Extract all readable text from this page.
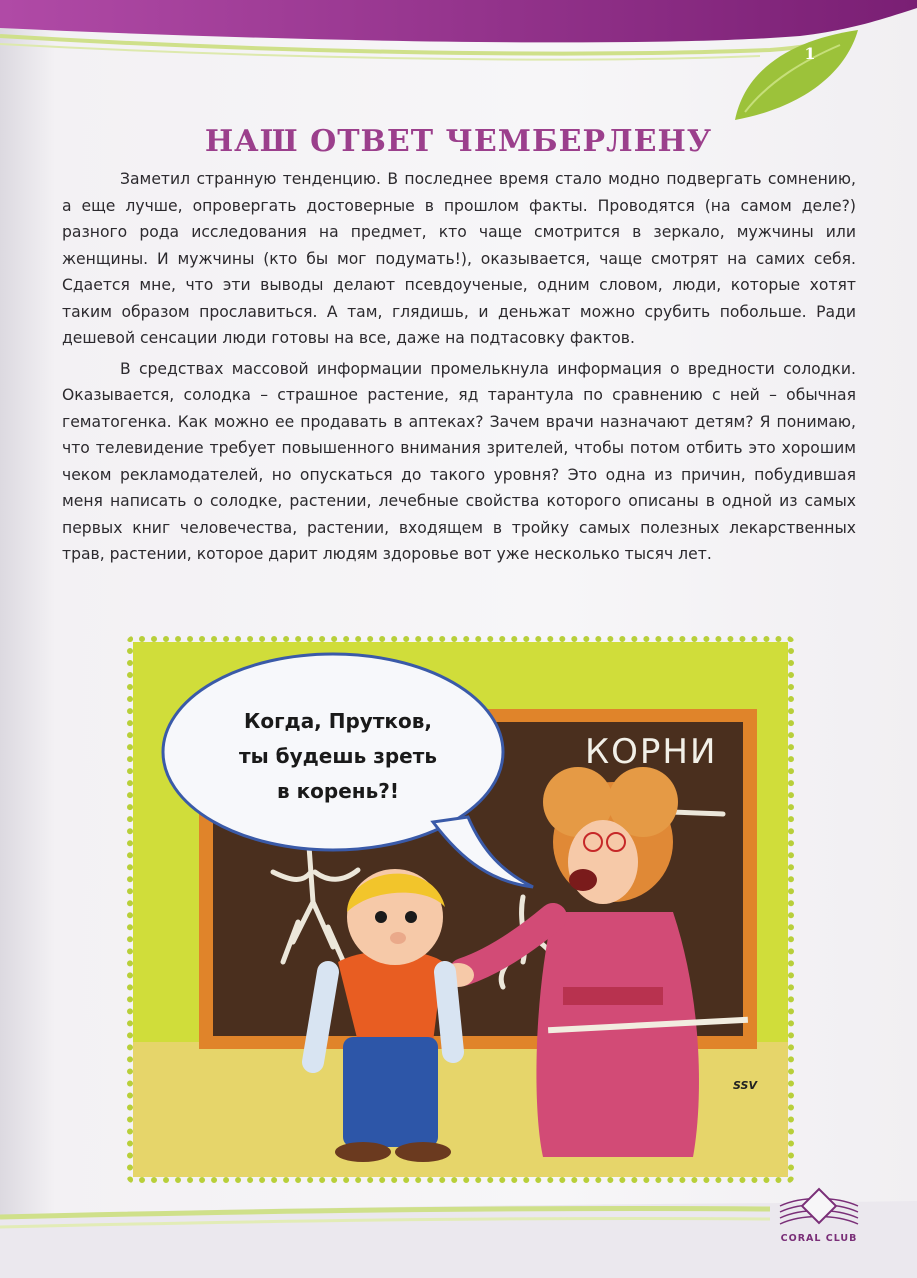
1
НАШ ОТВЕТ ЧЕМБЕРЛЕНУ

Заметил странную тенденцию. В последнее время стало модно подвергать сомнению, а еще лучше, опровергать достоверные в прошлом факты. Проводятся (на самом деле?) разного рода исследования на предмет, кто чаще смотрится в зеркало, мужчины или женщины. И мужчины (кто бы мог подумать!), оказывается, чаще смотрят на самих себя. Сдается мне, что эти выводы делают псевдоученые, одним словом, люди, которые хотят таким образом прославиться. А там, глядишь, и деньжат можно срубить побольше. Ради дешевой сенсации люди готовы на все, даже на подтасовку фактов.

В средствах массовой информации промелькнула информация о вредности солодки. Оказывается, солодка – страшное растение, яд тарантула по сравнению с ней – обычная гематогенка. Как можно ее продавать в аптеках? Зачем врачи назначают детям? Я понимаю, что телевидение требует повышенного внимания зрителей, чтобы потом отбить это хорошим чеком рекламодателей, но опускаться до такого уровня? Это одна из причин, побудившая меня написать о солодке, растении, лечебные свойства которого описаны в одной из самых первых книг человечества, растении, входящем в тройку самых полезных лекарственных трав, растении, которое дарит людям здоровье вот уже несколько тысяч лет.

Когда, Прутков,
ты будешь зреть
в корень?!
КОРНИ
SSV
CORAL CLUB
